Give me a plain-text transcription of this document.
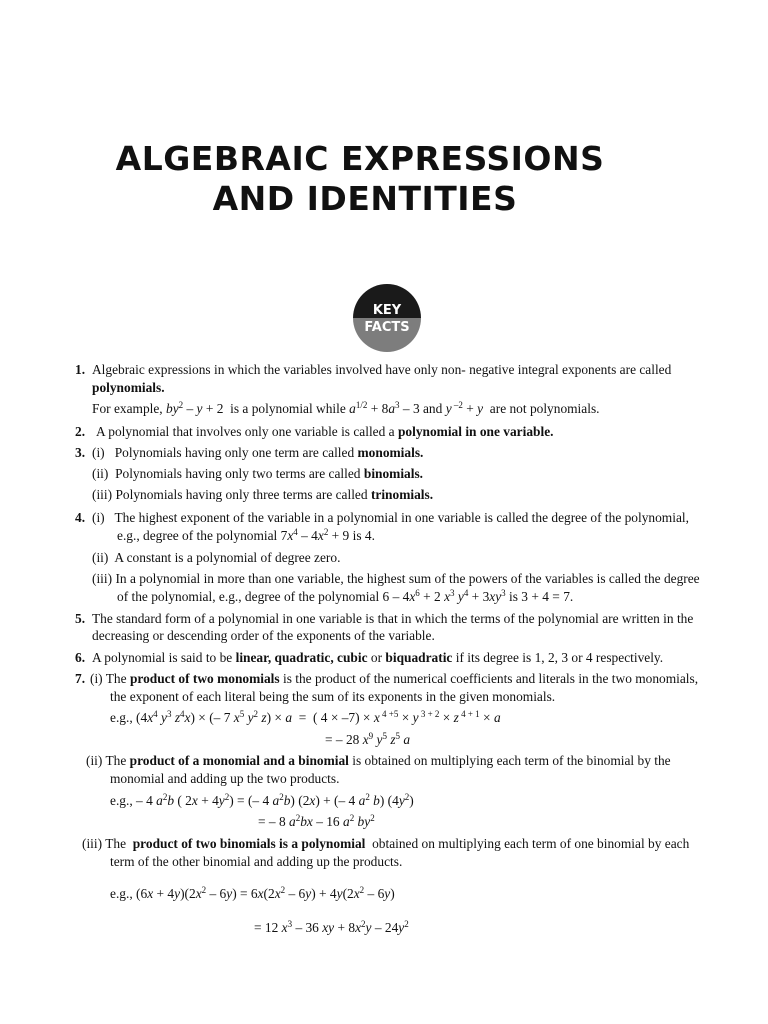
ALGEBRAIC EXPRESSIONS
AND IDENTITIES
KEY
FACTS
1. Algebraic expressions in which the variables involved have only non- negative integral exponents are called
polynomials.
For example, $by^2 - y + 2$  is a polynomial while $a^{1/2} + 8a^3 - 3$ and y $^{-2}$ + y are not polynomials.
2. A polynomial that involves only one variable is called a polynomial in one variable.
3. (i) Polynomials having only one term are called monomials.
(ii) Polynomials having only two terms are called binomials.
(iii) Polynomials having only three terms are called trinomials.
4. (i) The highest exponent of the variable in a polynomial in one variable is called the degree of the polynomial,
e.g., degree of the polynomial $7x^4 - 4x^2 + 9$ is 4.
(ii) A constant is a polynomial of degree zero.
(iii) In a polynomial in more than one variable, the highest sum of the powers of the variables is called the degree
of the polynomial, e.g., degree of the polynomial $6 - 4x^6 + 2$ $x^3$ $y^4 + 3xy^3$ is 3 + 4 = 7.
5. The standard form of a polynomial in one variable is that in which the terms of the polynomial are written in the
decreasing or descending order of the exponents of the variable.
6. A polynomial is said to be linear, quadratic, cubic or biquadratic if its degree is 1, 2, 3 or 4 respectively.
7. (i) The product of two monomials is the product of the numerical coefficients and literals in the two monomials,
the exponent of each literal being the sum of its exponents in the given monomials.
e.g., ($4x^4$ $y^3$ $z^4x$) × (– 7 $x^5$ $y^2$ z) × a  =  ( 4 × –7) × x $^{4 +5}$ × y $^{3 + 2}$ × z $^{4 + 1}$ × a
= – 28 $x^9$ $y^5$ $z^5$ a
(ii) The product of a monomial and a binomial is obtained on multiplying each term of the binomial by the
monomial and adding up the two products.
e.g., – 4 $a^2b$ ( $2x + 4y^2$) = (– 4 $a^2b$) (2x) + (– 4 $a^2$ b) $(4y^2)$
= – 8 $a^2bx - 16$ $a^2$ $by^2$
(iii) The product of two binomials is a polynomial obtained on multiplying each term of one binomial by each
term of the other binomial and adding up the products.
e.g., $(6x + 4y)(2x^2 - 6y) = 6x(2x^2 - 6y) + 4y(2x^2 - 6y)$
= 12 $x^3 - 36$ xy + $8x^2y - 24y^2$
